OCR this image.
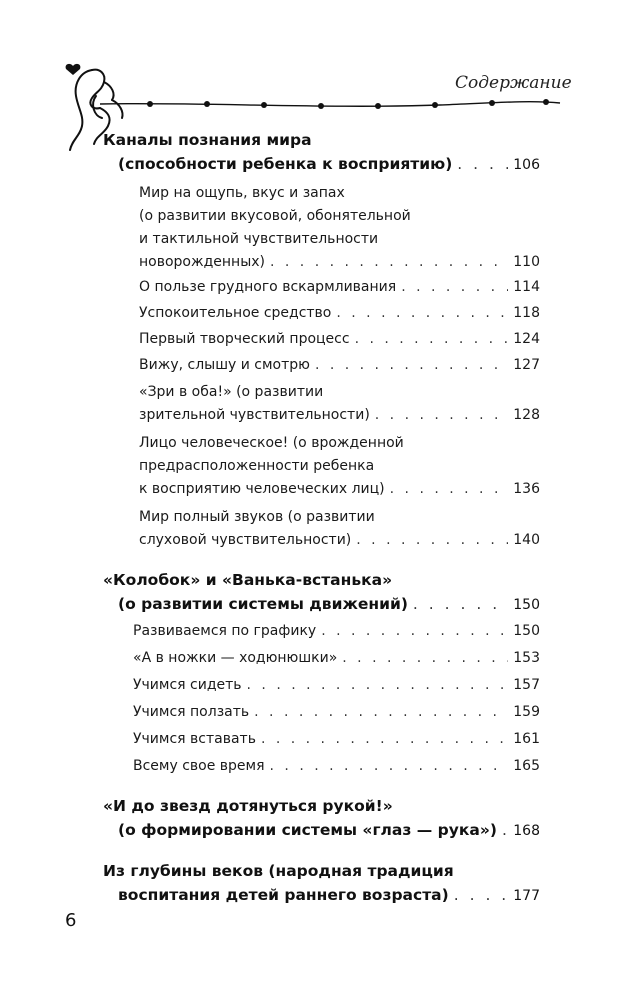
Содержание
Каналы познания мира
(способности ребенка к восприятию) . . .	106
Мир на ощупь, вкус и запах
(о развитии вкусовой, обонятельной
и тактильной чувствительности
новорожденных) . . .	110
О пользе грудного вскармливания . . .	114
Успокоительное средство . . .	118
Первый творческий процесс . . .	124
Вижу, слышу и смотрю . . .	127
«Зри в оба!» (о развитии
зрительной чувствительности) . . .	128
Лицо человеческое! (о врожденной
предрасположенности ребенка
к восприятию человеческих лиц) . . .	136
Мир полный звуков (о развитии
слуховой чувствительности) . . .	140
«Колобок» и «Ванька-встанька»
(о развитии системы движений) . . .	150
Развиваемся по графику . . .	150
«А в ножки — ходюнюшки» . . .	153
Учимся сидеть . . .	157
Учимся ползать . . .	159
Учимся вставать . . .	161
Всему свое время . . .	165
«И до звезд дотянуться рукой!»
(о формировании системы «глаз — рука») . . . 168
Из глубины веков (народная традиция
воспитания детей раннего возраста) . . .	177
6
